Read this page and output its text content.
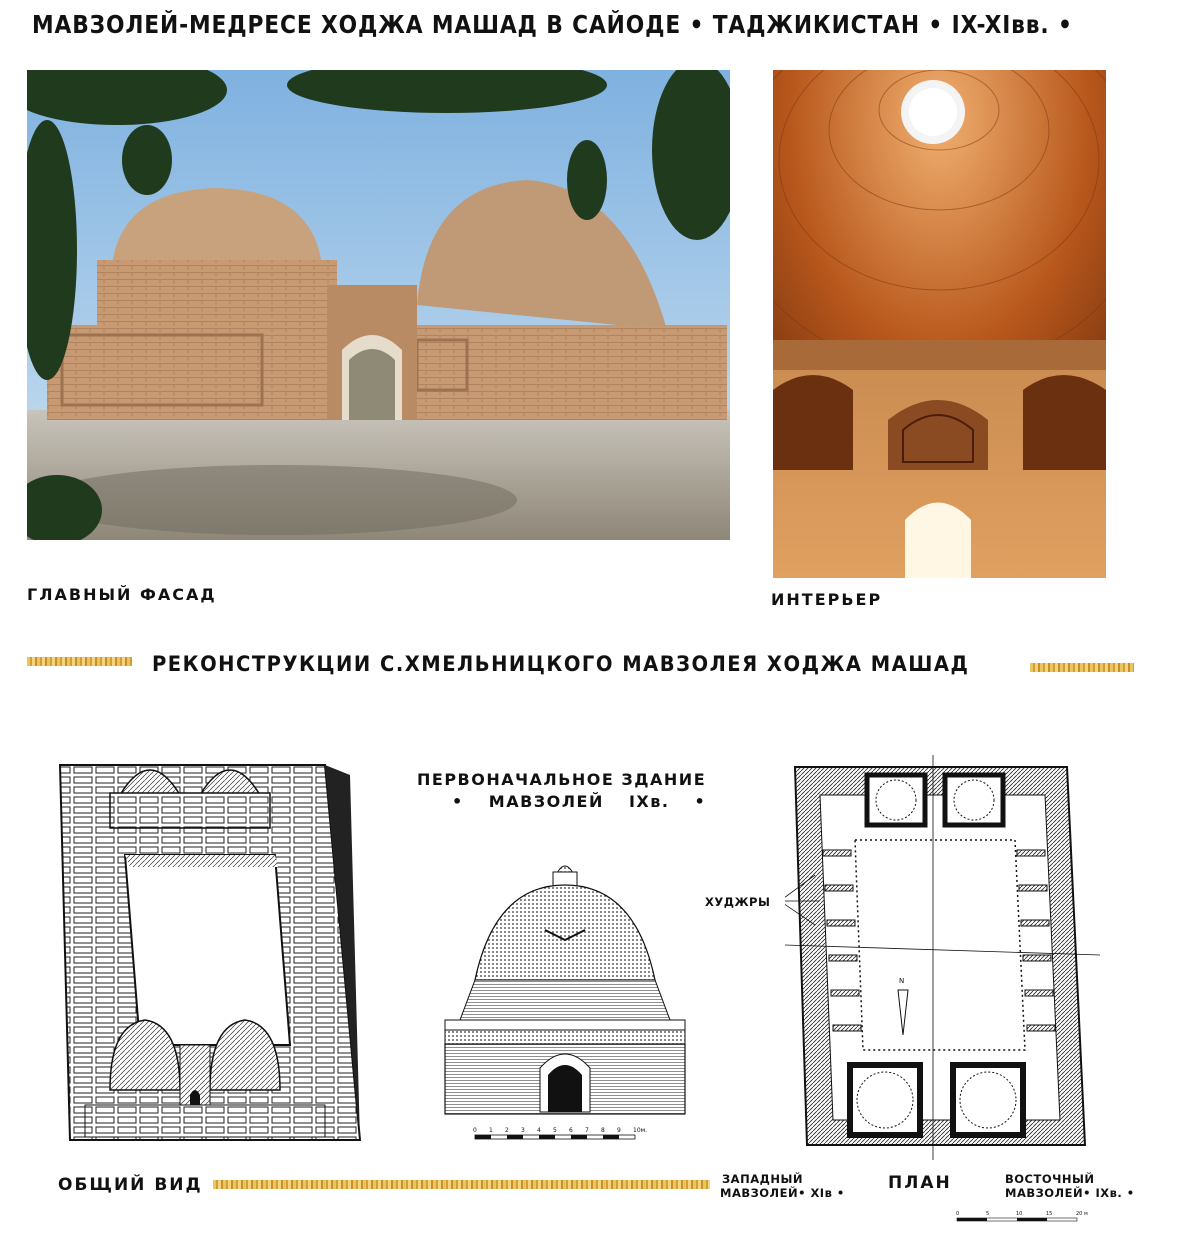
МАВЗОЛЕЙ-МЕДРЕСЕ ХОДЖА МАШАД В САЙОДЕ • ТАДЖИКИСТАН • IX-XIвв. •
ГЛАВНЫЙ ФАСАД	ИНТЕРЬЕР
РЕКОНСТРУКЦИИ С.ХМЕЛЬНИЦКОГО МАВЗОЛЕЯ ХОДЖА МАШАД
ОБЩИЙ ВИД
ПЕРВОНАЧАЛЬНОЕ ЗДАНИЕ
• МАВЗОЛЕЙ IXв. •
0 1 2 3 4 5 6 7 8 9 10м.
N
ХУДЖРЫ
ЗАПАДНЫЙ
МАВЗОЛЕЙ• XIв •	ПЛАН	ВОСТОЧНЫЙ
МАВЗОЛЕЙ• IXв. •
0	5	10	15	20 м
